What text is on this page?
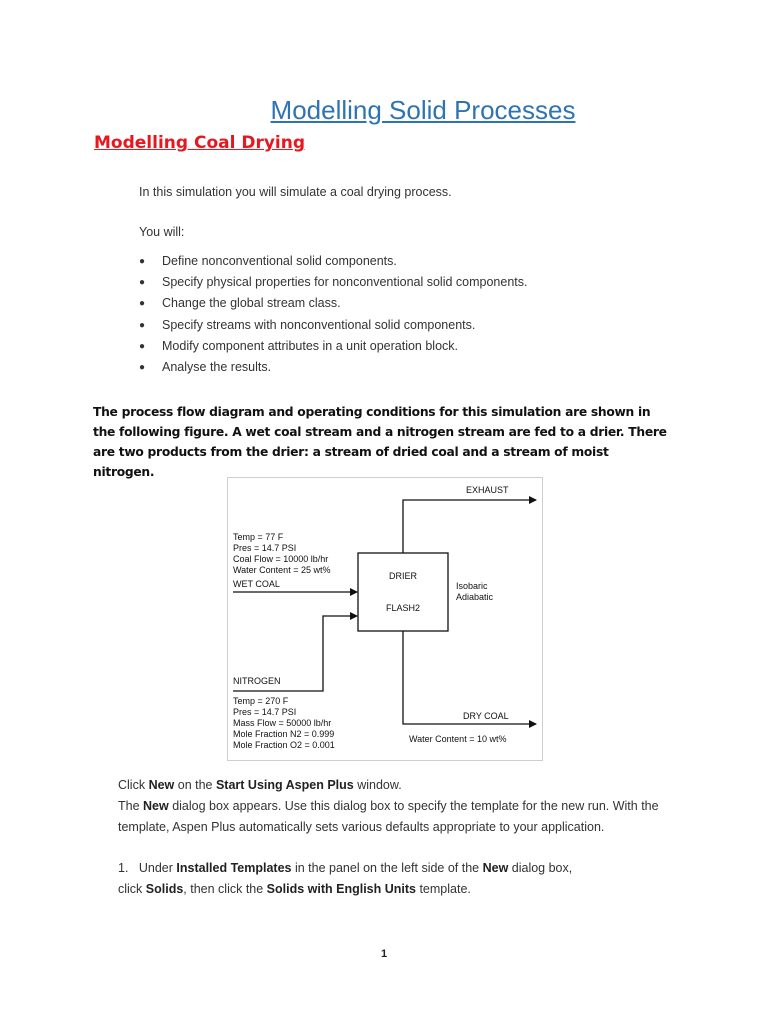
Modelling Solid Processes
Modelling Coal Drying
In this simulation you will simulate a coal drying process.
You will:
● Define nonconventional solid components.
● Specify physical properties for nonconventional solid components.
● Change the global stream class.
● Specify streams with nonconventional solid components.
● Modify component attributes in a unit operation block.
● Analyse the results.
The process flow diagram and operating conditions for this simulation are shown in the following figure. A wet coal stream and a nitrogen stream are fed to a drier. There are two products from the drier: a stream of dried coal and a stream of moist nitrogen.
DRIER
FLASH2
EXHAUST
Temp = 77 F
Pres = 14.7 PSI
Coal Flow = 10000 lb/hr
Water Content = 25 wt%
WET COAL
NITROGEN
Temp = 270 F
Pres = 14.7 PSI
Mass Flow = 50000 lb/hr
Mole Fraction N2 = 0.999
Mole Fraction O2 = 0.001
Isobaric
Adiabatic
DRY COAL
Water Content = 10 wt%
Click New on the Start Using Aspen Plus window.
The New dialog box appears. Use this dialog box to specify the template for the new run. With the template, Aspen Plus automatically sets various defaults appropriate to your application.
1. Under Installed Templates in the panel on the left side of the New dialog box,
click Solids, then click the Solids with English Units template.
1
